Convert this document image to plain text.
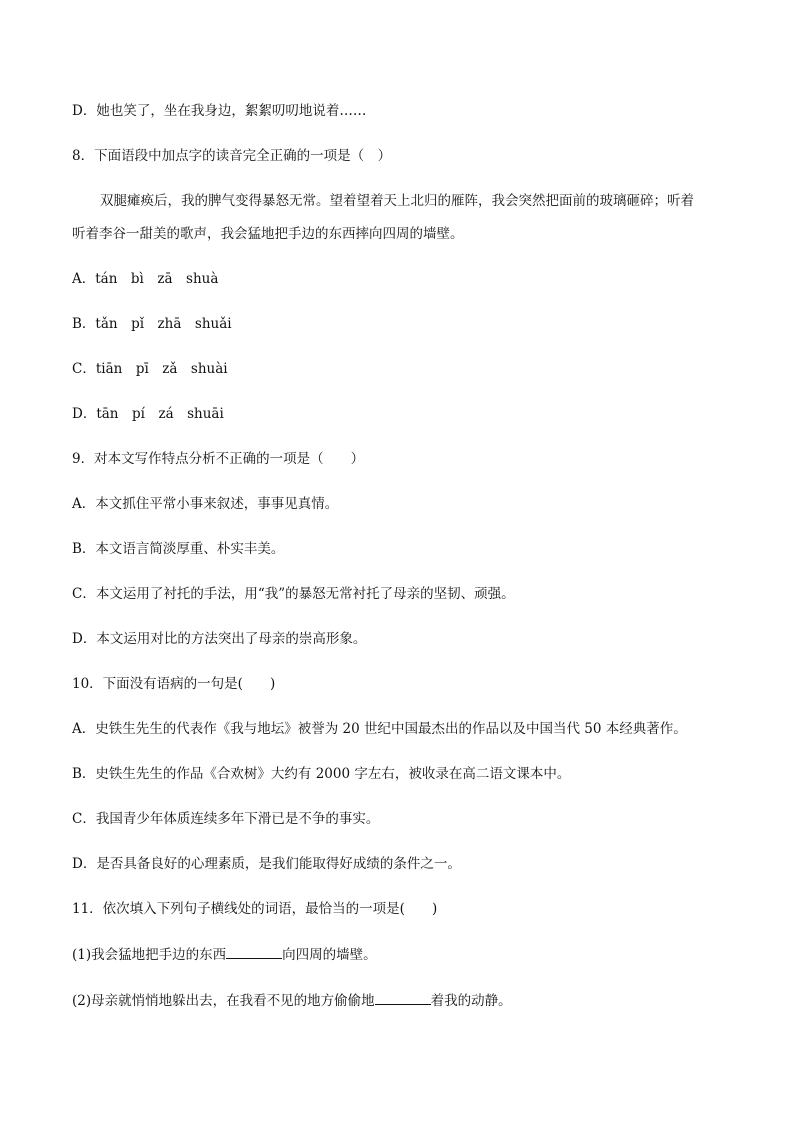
D．她也笑了，坐在我身边，絮絮叨叨地说着……
8．下面语段中加点字的读音完全正确的一项是（　）
双腿瘫痪后，我的脾气变得暴怒无常。望着望着天上北归的雁阵，我会突然把面前的玻璃砸碎；听着
听着李谷一甜美的歌声，我会猛地把手边的东西摔向四周的墙壁。
A．tán　bì　zā　shuà
B．tǎn　pǐ　zhā　shuǎi
C．tiān　pī　zǎ　shuài
D．tān　pí　zá　shuāi
9．对本文写作特点分析不正确的一项是（　　）
A．本文抓住平常小事来叙述，事事见真情。
B．本文语言简淡厚重、朴实丰美。
C．本文运用了衬托的手法，用“我”的暴怒无常衬托了母亲的坚韧、顽强。
D．本文运用对比的方法突出了母亲的崇高形象。
10．下面没有语病的一句是(　　)
A．史铁生先生的代表作《我与地坛》被誉为 20 世纪中国最杰出的作品以及中国当代 50 本经典著作。
B．史铁生先生的作品《合欢树》大约有 2000 字左右，被收录在高二语文课本中。
C．我国青少年体质连续多年下滑已是不争的事实。
D．是否具备良好的心理素质，是我们能取得好成绩的条件之一。
11．依次填入下列句子横线处的词语，最恰当的一项是(　　)
(1)我会猛地把手边的东西	向四周的墙壁。
(2)母亲就悄悄地躲出去，在我看不见的地方偷偷地	着我的动静。
